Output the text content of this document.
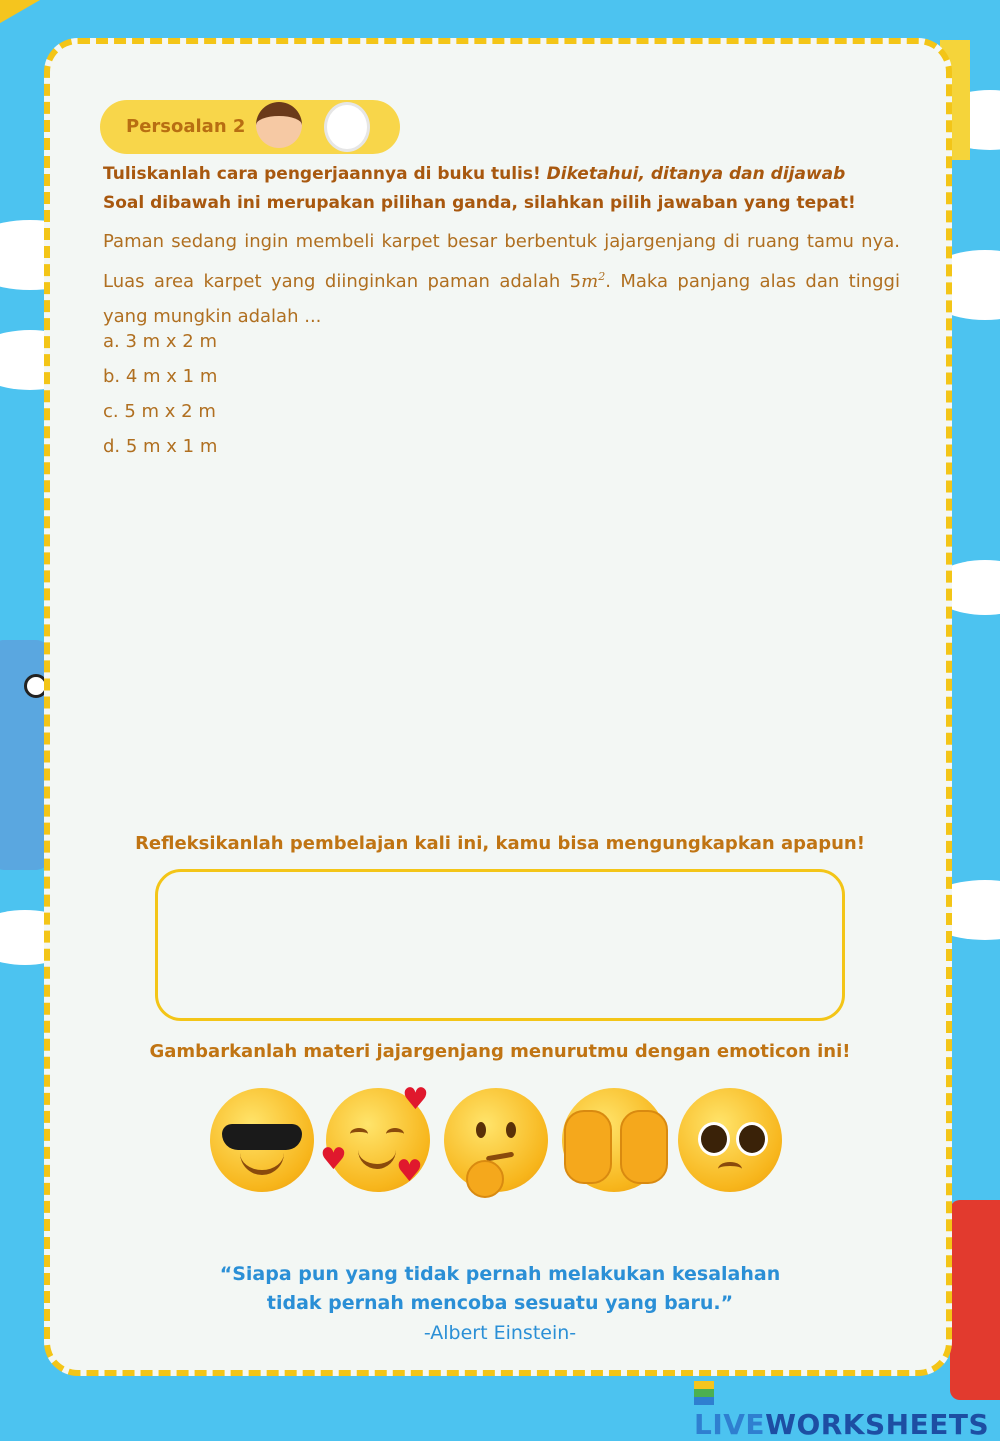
Persoalan 2
Tuliskanlah cara pengerjaannya di buku tulis! Diketahui, ditanya dan dijawab
Soal dibawah ini merupakan pilihan ganda, silahkan pilih jawaban yang tepat!
Paman sedang ingin membeli karpet besar berbentuk jajargenjang di ruang tamu nya. Luas area karpet yang diinginkan paman adalah $5m^2$. Maka panjang alas dan tinggi yang mungkin adalah ...
a. 3 m x 2 m
b. 4 m x 1 m
c. 5 m x 2 m
d. 5 m x 1 m
Refleksikanlah pembelajan kali ini, kamu bisa mengungkapkan apapun!
Gambarkanlah materi jajargenjang menurutmu dengan emoticon ini!
♥
♥ ♥
“Siapa pun yang tidak pernah melakukan kesalahan
tidak pernah mencoba sesuatu yang baru.”
-Albert Einstein-
LIVEWORKSHEETS
